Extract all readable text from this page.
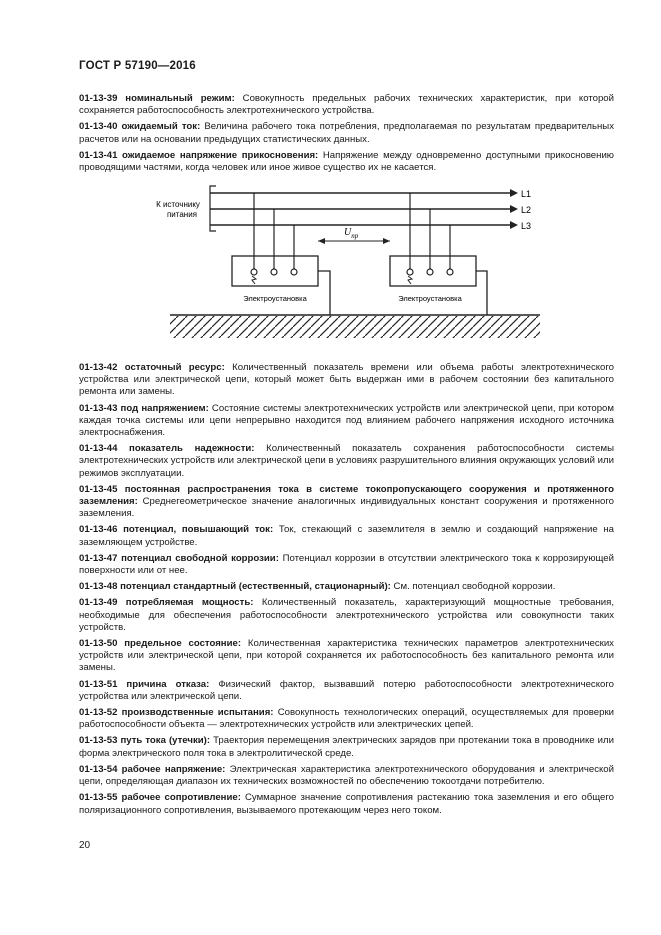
ГОСТ Р 57190—2016

01-13-39 номинальный режим: Совокупность предельных рабочих технических характеристик, при которой сохраняется работоспособность электротехнического устройства.

01-13-40 ожидаемый ток: Величина рабочего тока потребления, предполагаемая по результатам предварительных расчетов или на основании предыдущих статистических данных.

01-13-41 ожидаемое напряжение прикосновения: Напряжение между одновременно доступными прикосновению проводящими частями, когда человек или иное живое существо их не касается.

К источнику
питания
L1
L2
L3
Электроустановка	Электроустановка
$U_{пр}$

01-13-42 остаточный ресурс: Количественный показатель времени или объема работы электротехнического устройства или электрической цепи, который может быть выдержан ими в рабочем состоянии без капитального ремонта или замены.

01-13-43 под напряжением: Состояние системы электротехнических устройств или электрической цепи, при котором каждая точка системы или цепи непрерывно находится под влиянием рабочего напряжения исходного источника электроснабжения.

01-13-44 показатель надежности: Количественный показатель сохранения работоспособности системы электротехнических устройств или электрической цепи в условиях разрушительного влияния окружающих условий или режимов эксплуатации.

01-13-45 постоянная распространения тока в системе токопропускающего сооружения и протяженного заземления: Среднегеометрическое значение аналогичных индивидуальных констант сооружения и протяженного заземления.

01-13-46 потенциал, повышающий ток: Ток, стекающий с заземлителя в землю и создающий напряжение на заземляющем устройстве.

01-13-47 потенциал свободной коррозии: Потенциал коррозии в отсутствии электрического тока к коррозирующей поверхности или от нее.

01-13-48 потенциал стандартный (естественный, стационарный): См. потенциал свободной коррозии.

01-13-49 потребляемая мощность: Количественный показатель, характеризующий мощностные требования, необходимые для обеспечения работоспособности электротехнического устройства или совокупности таких устройств.

01-13-50 предельное состояние: Количественная характеристика технических параметров электротехнических устройств или электрической цепи, при которой сохраняется их работоспособность без капитального ремонта или замены.

01-13-51 причина отказа: Физический фактор, вызвавший потерю работоспособности электротехнического устройства или электрической цепи.

01-13-52 производственные испытания: Совокупность технологических операций, осуществляемых для проверки работоспособности объекта — электротехнических устройств или электрических цепей.

01-13-53 путь тока (утечки): Траектория перемещения электрических зарядов при протекании тока в проводнике или форма электрического поля тока в электролитической среде.

01-13-54 рабочее напряжение: Электрическая характеристика электротехнического оборудования и электрической цепи, определяющая диапазон их технических возможностей по обеспечению токоотдачи потребителю.

01-13-55 рабочее сопротивление: Суммарное значение сопротивления растеканию тока заземления и его общего поляризационного сопротивления, вызываемого протекающим через него током.

20
